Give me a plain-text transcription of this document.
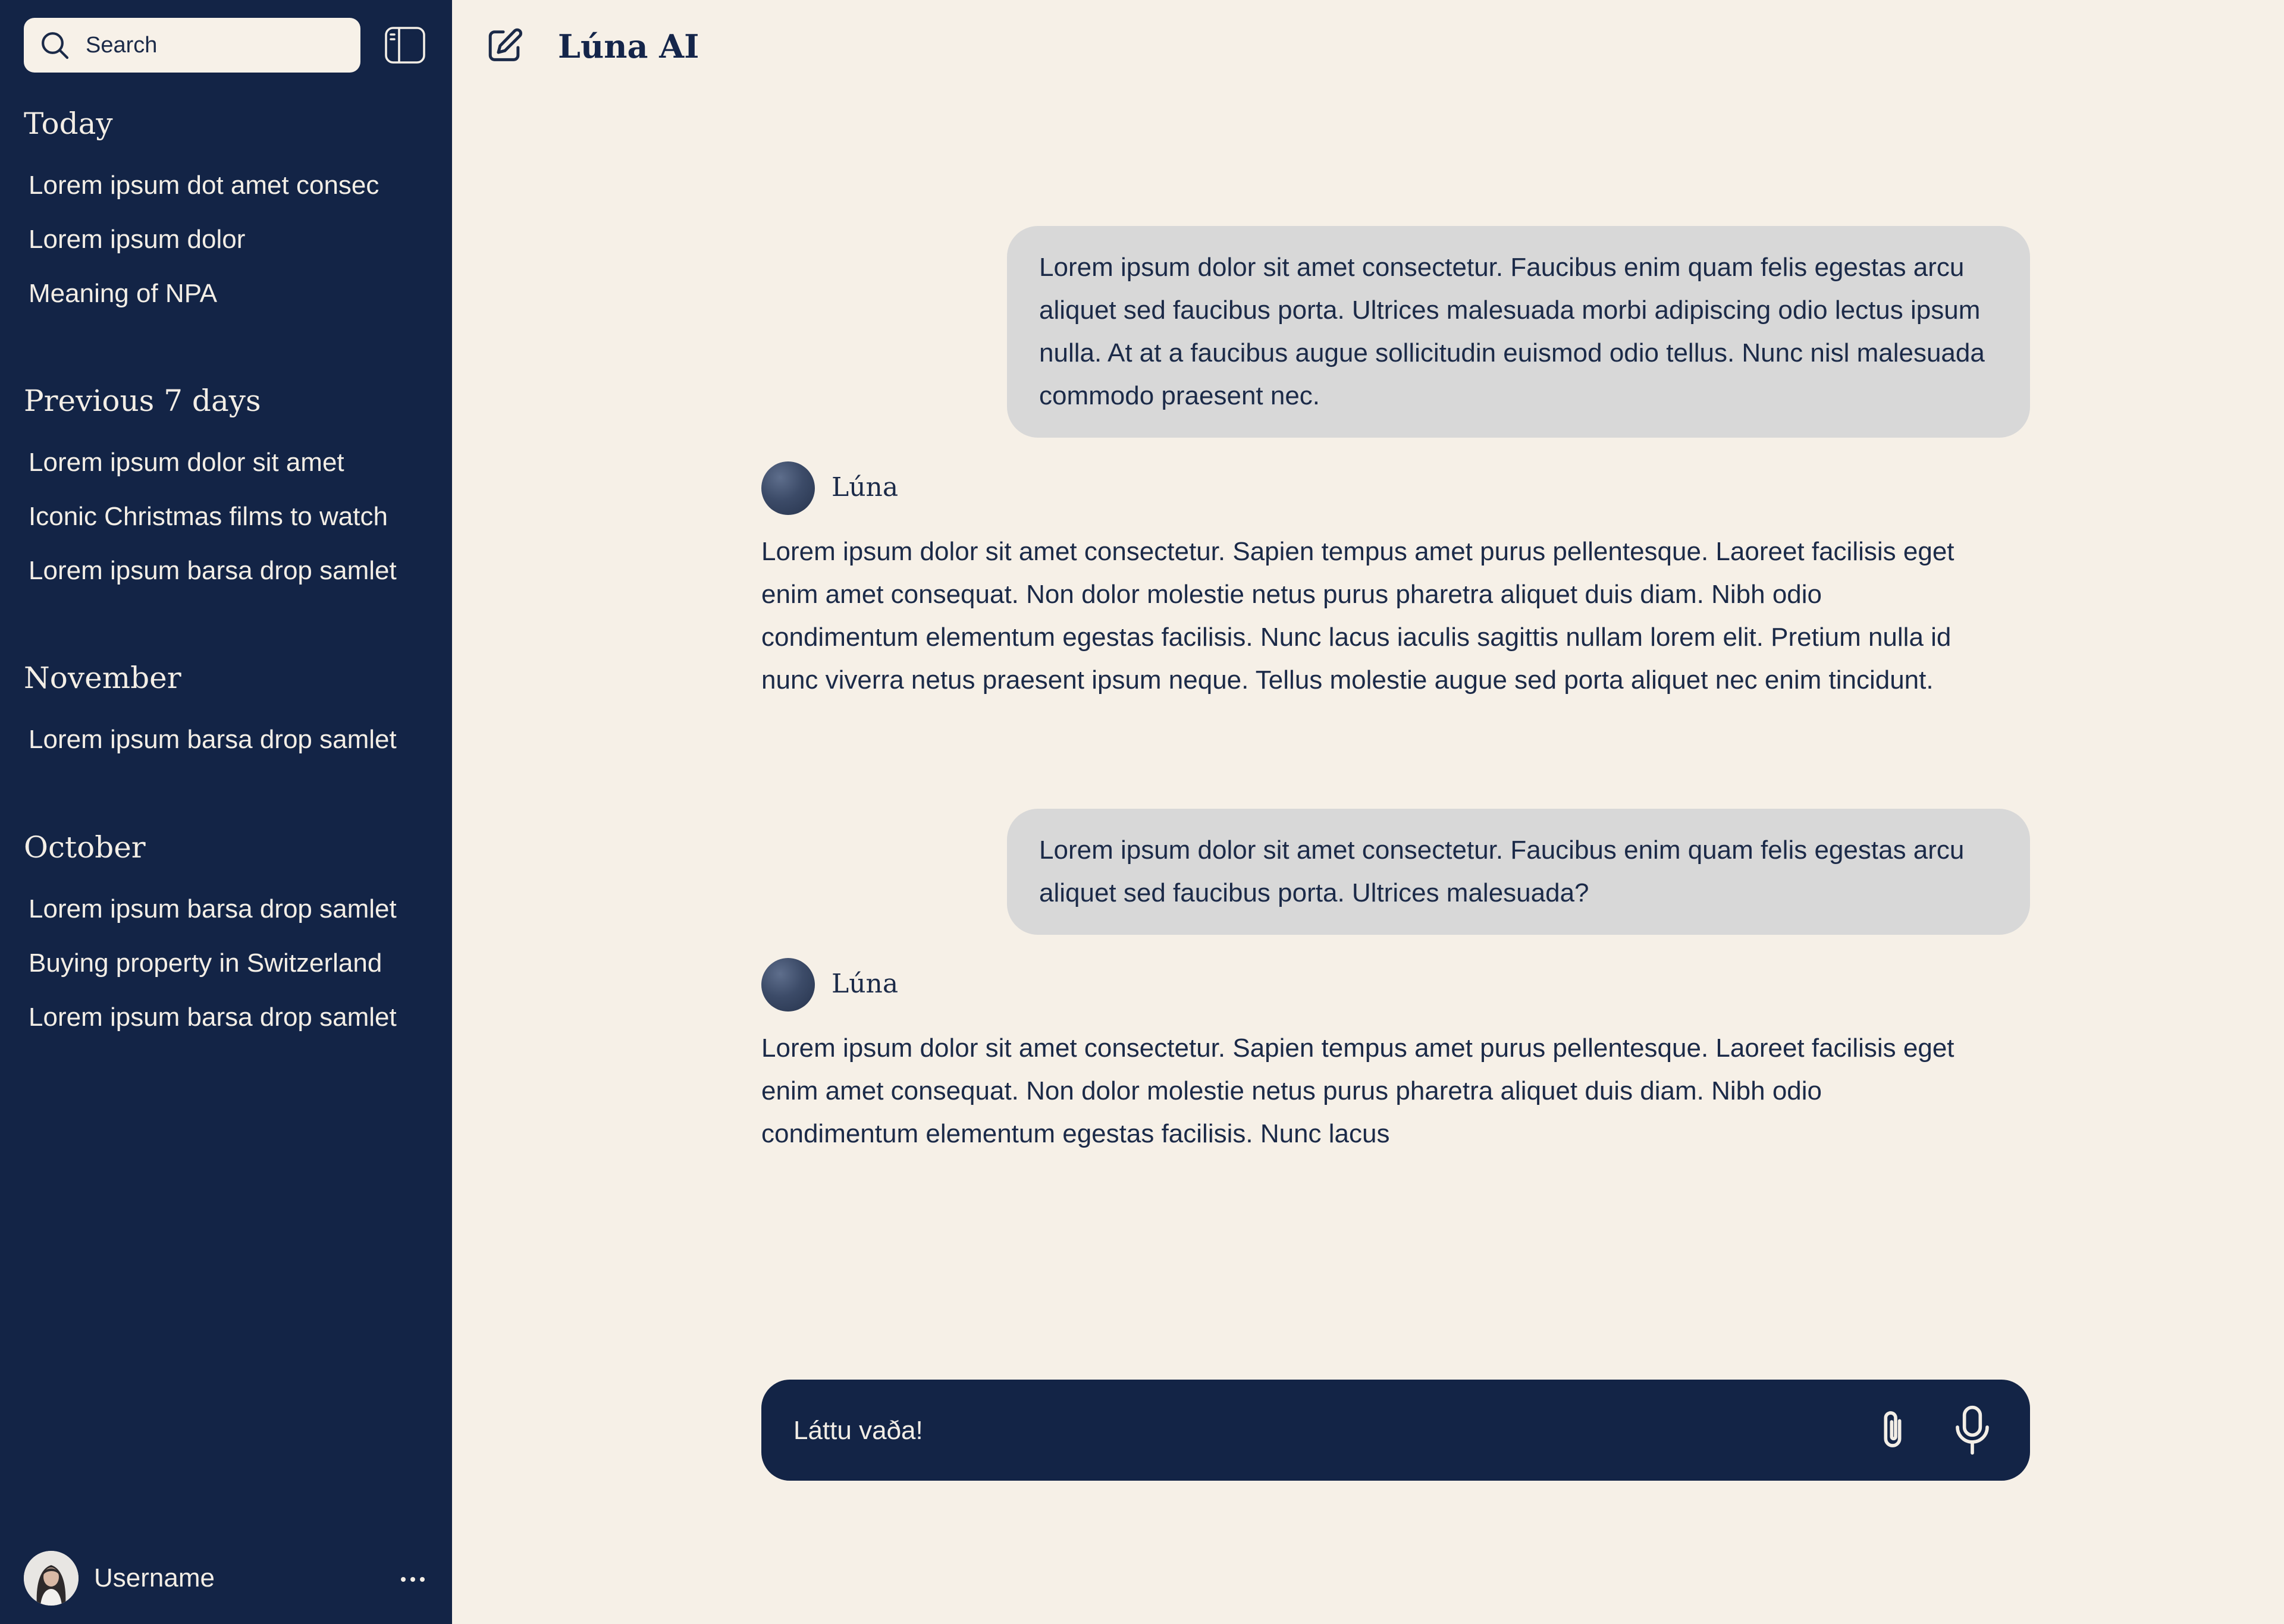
Search
Today
Lorem ipsum dot amet consec
Lorem ipsum dolor
Meaning of NPA
Previous 7 days
Lorem ipsum dolor sit amet
Iconic Christmas films to watch
Lorem ipsum barsa drop samlet
November
Lorem ipsum barsa drop samlet
October
Lorem ipsum barsa drop samlet
Buying property in Switzerland
Lorem ipsum barsa drop samlet
Username
Lúna AI
Lorem ipsum dolor sit amet consectetur. Faucibus enim quam felis egestas arcu aliquet sed faucibus porta. Ultrices malesuada morbi adipiscing odio lectus ipsum nulla. At at a faucibus augue sollicitudin euismod odio tellus. Nunc nisl malesuada commodo praesent nec.
Lúna
Lorem ipsum dolor sit amet consectetur. Sapien tempus amet purus pellentesque. Laoreet facilisis eget enim amet consequat. Non dolor molestie netus purus pharetra aliquet duis diam. Nibh odio condimentum elementum egestas facilisis. Nunc lacus iaculis sagittis nullam lorem elit. Pretium nulla id nunc viverra netus praesent ipsum neque. Tellus molestie augue sed porta aliquet nec enim tincidunt.
Lorem ipsum dolor sit amet consectetur. Faucibus enim quam felis egestas arcu aliquet sed faucibus porta. Ultrices malesuada?
Lúna
Lorem ipsum dolor sit amet consectetur. Sapien tempus amet purus pellentesque. Laoreet facilisis eget enim amet consequat. Non dolor molestie netus purus pharetra aliquet duis diam. Nibh odio condimentum elementum egestas facilisis. Nunc lacus
Láttu vaða!
